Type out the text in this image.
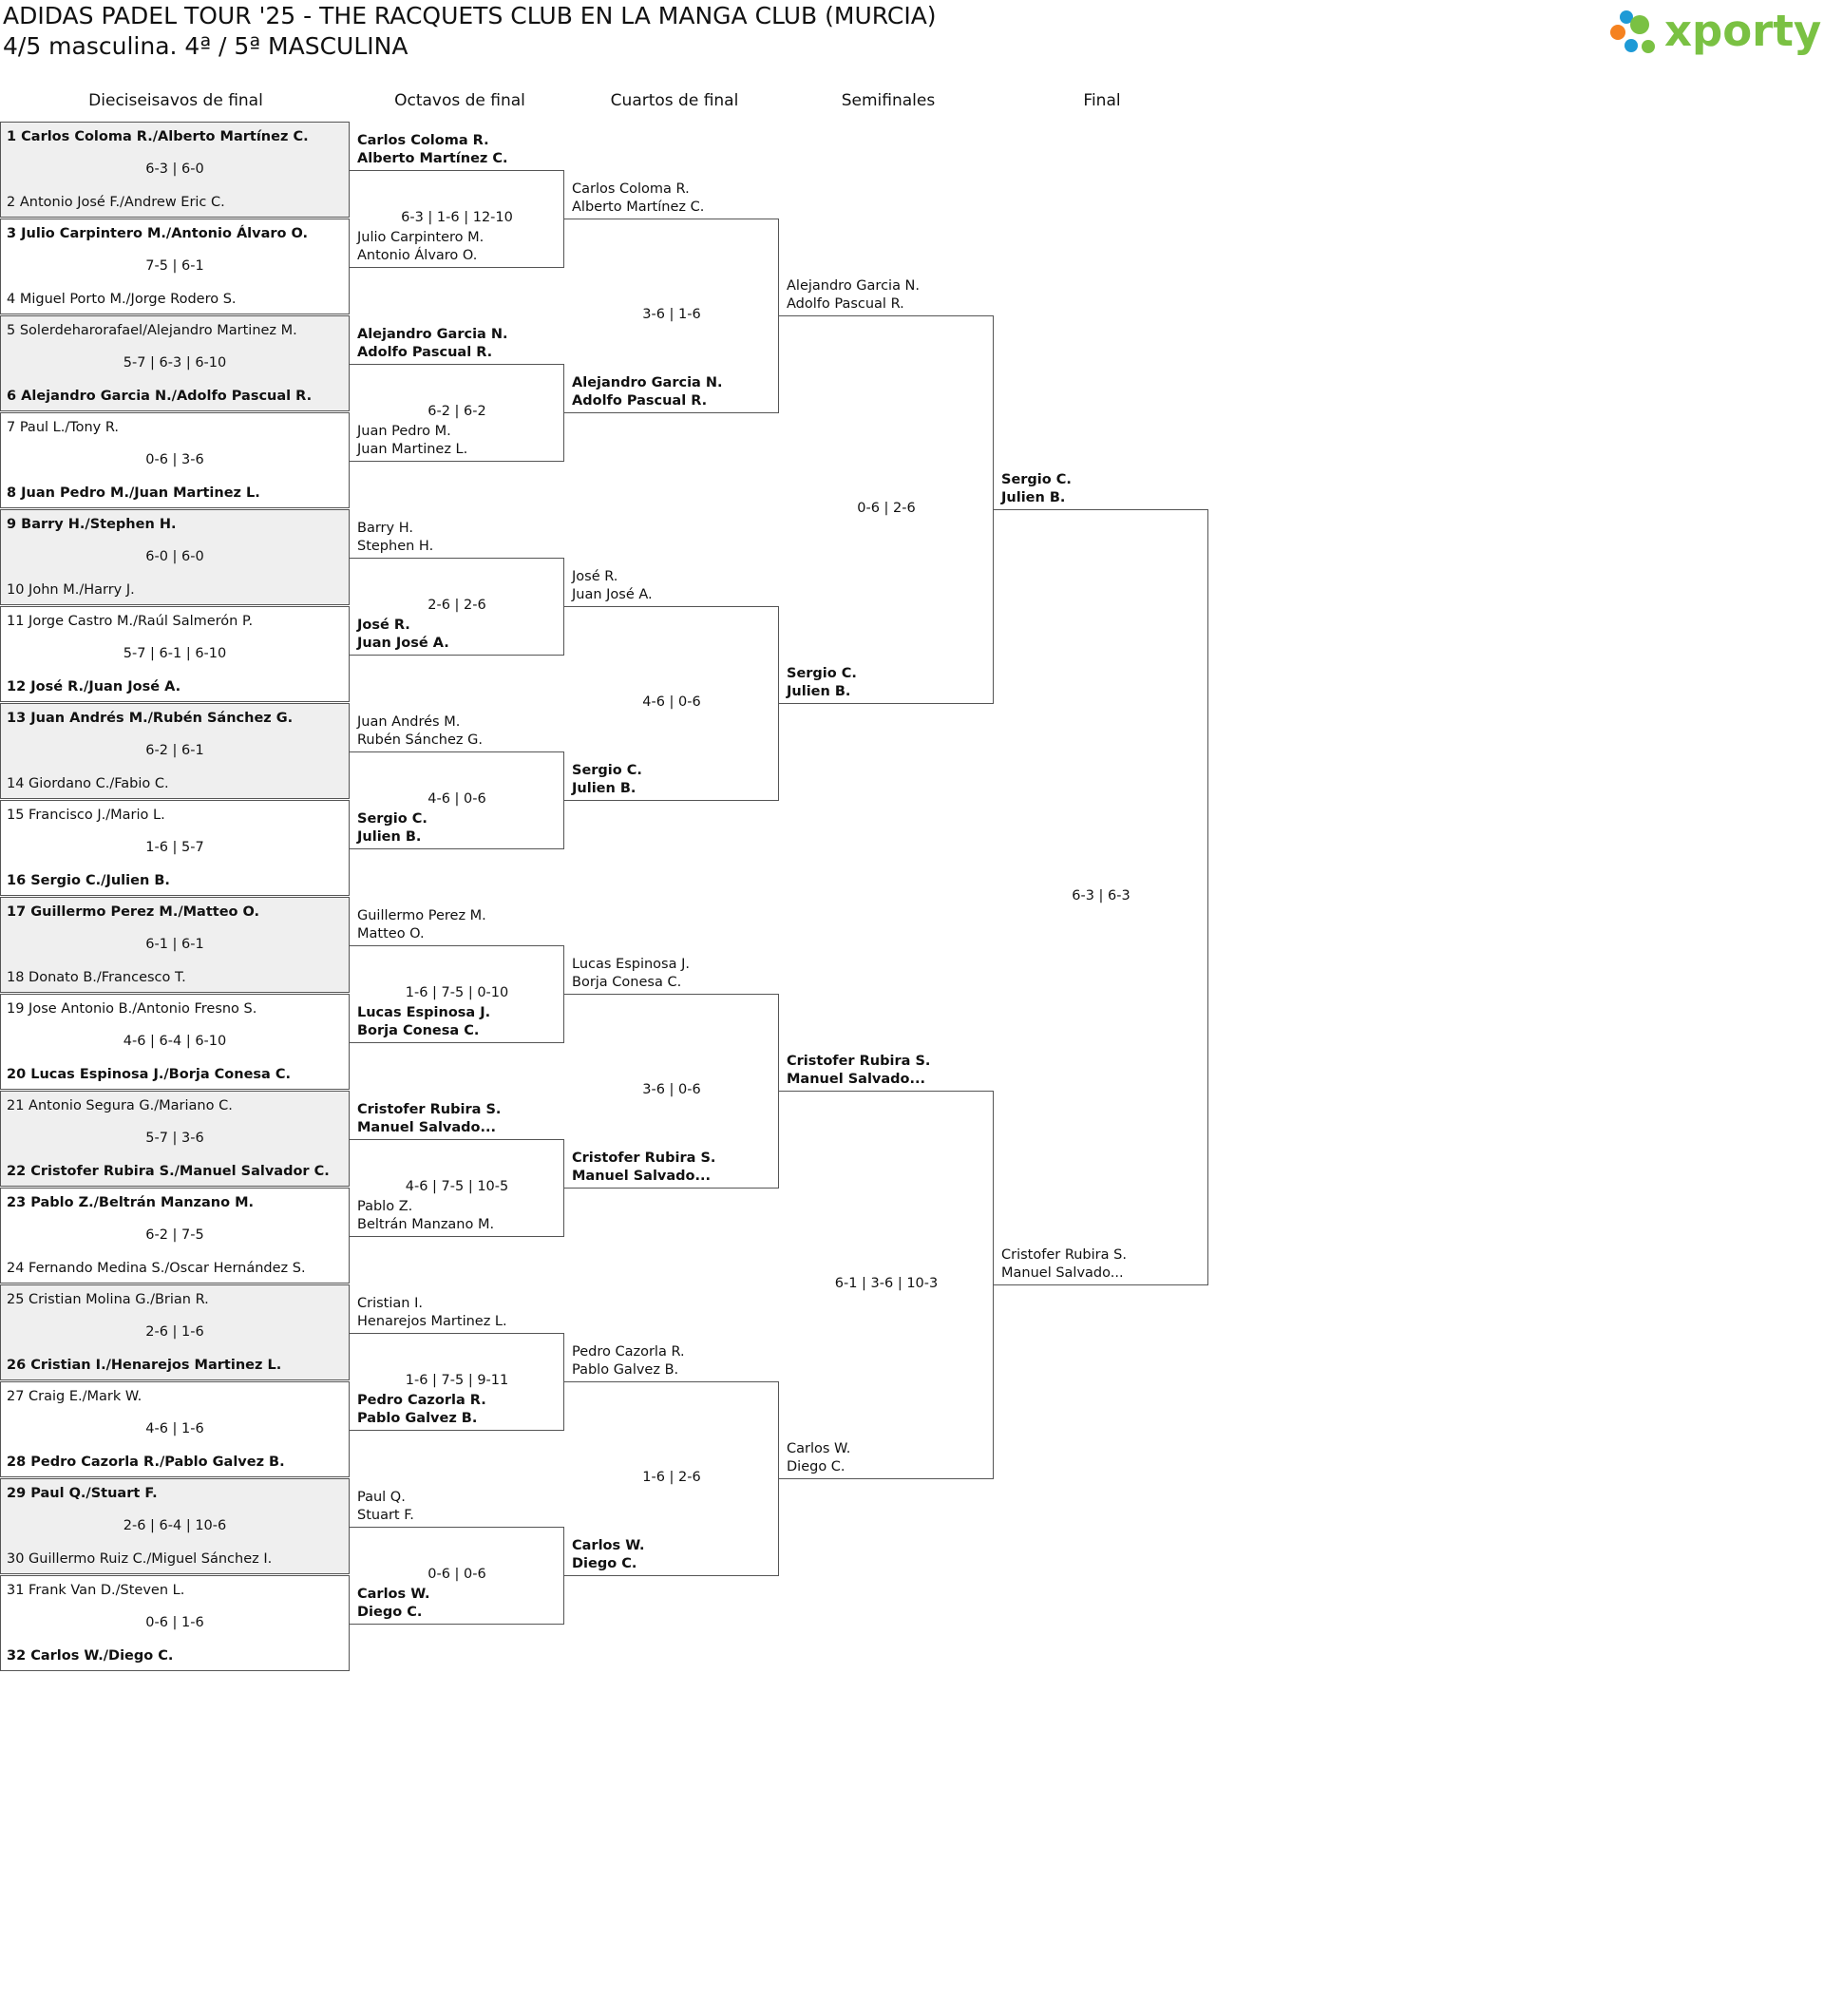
ADIDAS PADEL TOUR '25 - THE RACQUETS CLUB EN LA MANGA CLUB (MURCIA)
4/5 masculina. 4ª / 5ª MASCULINA	xporty
Dieciseisavos de final	Octavos de final	Cuartos de final	Semifinales	Final
1 Carlos Coloma R./Alberto Martínez C.
6-3 | 6-0
2 Antonio José F./Andrew Eric C.
3 Julio Carpintero M./Antonio Álvaro O.
7-5 | 6-1
4 Miguel Porto M./Jorge Rodero S.
5 Solerdeharorafael/Alejandro Martinez M.
5-7 | 6-3 | 6-10
6 Alejandro Garcia N./Adolfo Pascual R.
7 Paul L./Tony R.
0-6 | 3-6
8 Juan Pedro M./Juan Martinez L.
9 Barry H./Stephen H.
6-0 | 6-0
10 John M./Harry J.
11 Jorge Castro M./Raúl Salmerón P.
5-7 | 6-1 | 6-10
12 José R./Juan José A.
13 Juan Andrés M./Rubén Sánchez G.
6-2 | 6-1
14 Giordano C./Fabio C.
15 Francisco J./Mario L.
1-6 | 5-7
16 Sergio C./Julien B.
17 Guillermo Perez M./Matteo O.
6-1 | 6-1
18 Donato B./Francesco T.
19 Jose Antonio B./Antonio Fresno S.
4-6 | 6-4 | 6-10
20 Lucas Espinosa J./Borja Conesa C.
21 Antonio Segura G./Mariano C.
5-7 | 3-6
22 Cristofer Rubira S./Manuel Salvador C.
23 Pablo Z./Beltrán Manzano M.
6-2 | 7-5
24 Fernando Medina S./Oscar Hernández S.
25 Cristian Molina G./Brian R.
2-6 | 1-6
26 Cristian I./Henarejos Martinez L.
27 Craig E./Mark W.
4-6 | 1-6
28 Pedro Cazorla R./Pablo Galvez B.
29 Paul Q./Stuart F.
2-6 | 6-4 | 10-6
30 Guillermo Ruiz C./Miguel Sánchez I.
31 Frank Van D./Steven L.
0-6 | 1-6
32 Carlos W./Diego C.
Carlos Coloma R.
Alberto Martínez C.
Julio Carpintero M.
Antonio Álvaro O.
6-3 | 1-6 | 12-10
Alejandro Garcia N.
Adolfo Pascual R.
Juan Pedro M.
Juan Martinez L.
6-2 | 6-2
Barry H.
Stephen H.
José R.
Juan José A.
2-6 | 2-6
Juan Andrés M.
Rubén Sánchez G.
Sergio C.
Julien B.
4-6 | 0-6
Guillermo Perez M.
Matteo O.
Lucas Espinosa J.
Borja Conesa C.
1-6 | 7-5 | 0-10
Cristofer Rubira S.
Manuel Salvado...
Pablo Z.
Beltrán Manzano M.
4-6 | 7-5 | 10-5
Cristian I.
Henarejos Martinez L.
Pedro Cazorla R.
Pablo Galvez B.
1-6 | 7-5 | 9-11
Paul Q.
Stuart F.
Carlos W.
Diego C.
0-6 | 0-6
Carlos Coloma R.
Alberto Martínez C.
Alejandro Garcia N.
Adolfo Pascual R.
3-6 | 1-6
José R.
Juan José A.
Sergio C.
Julien B.
4-6 | 0-6
Lucas Espinosa J.
Borja Conesa C.
Cristofer Rubira S.
Manuel Salvado...
3-6 | 0-6
Pedro Cazorla R.
Pablo Galvez B.
Carlos W.
Diego C.
1-6 | 2-6
Alejandro Garcia N.
Adolfo Pascual R.
Sergio C.
Julien B.
0-6 | 2-6
Cristofer Rubira S.
Manuel Salvado...
Carlos W.
Diego C.
6-1 | 3-6 | 10-3
Sergio C.
Julien B.
Cristofer Rubira S.
Manuel Salvado...
6-3 | 6-3
